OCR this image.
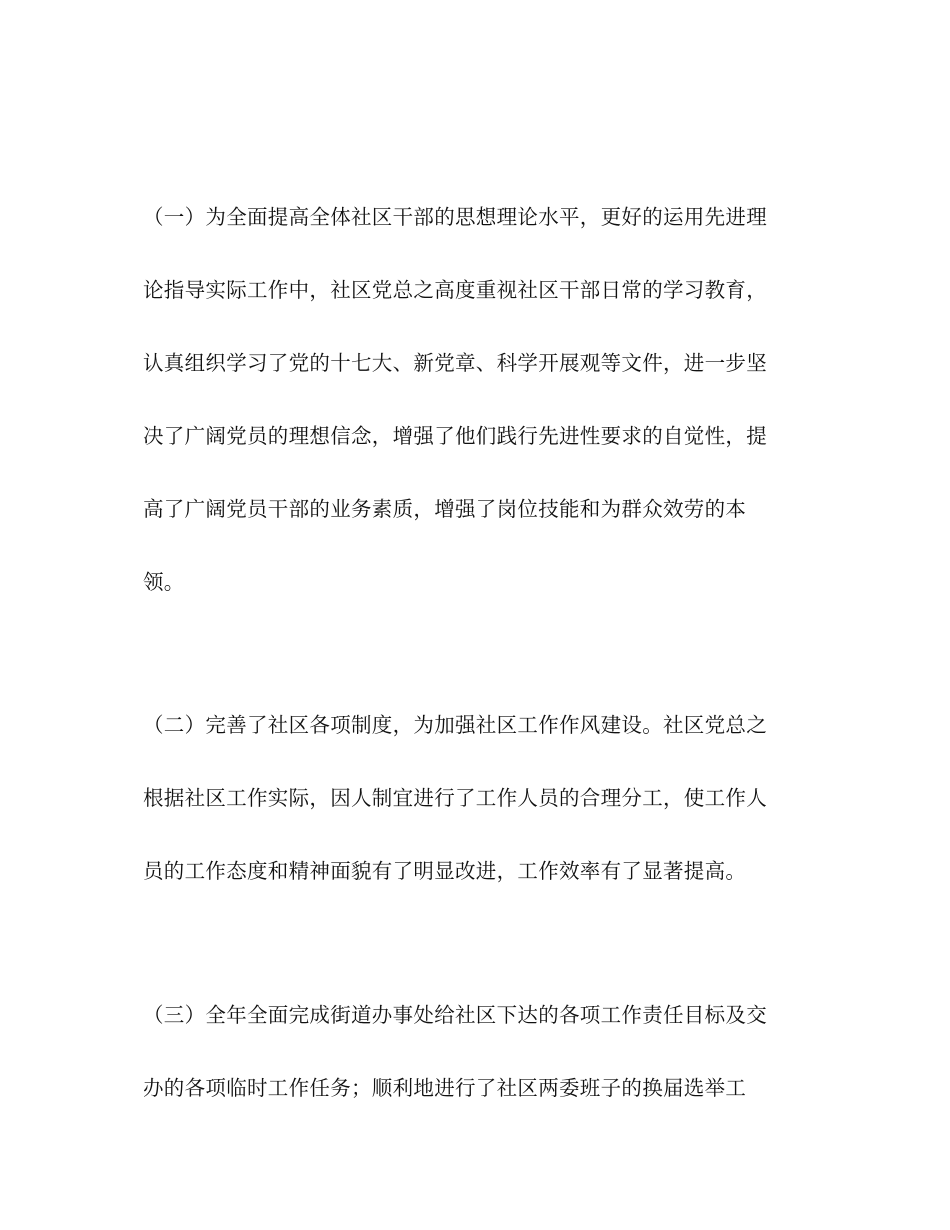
（一）为全面提高全体社区干部的思想理论水平，更好的运用先进理
论指导实际工作中，社区党总之高度重视社区干部日常的学习教育，
认真组织学习了党的十七大、新党章、科学开展观等文件，进一步坚
决了广阔党员的理想信念，增强了他们践行先进性要求的自觉性，提
高了广阔党员干部的业务素质，增强了岗位技能和为群众效劳的本
领。
（二）完善了社区各项制度，为加强社区工作作风建设。社区党总之
根据社区工作实际，因人制宜进行了工作人员的合理分工，使工作人
员的工作态度和精神面貌有了明显改进，工作效率有了显著提高。
（三）全年全面完成街道办事处给社区下达的各项工作责任目标及交
办的各项临时工作任务；顺利地进行了社区两委班子的换届选举工
